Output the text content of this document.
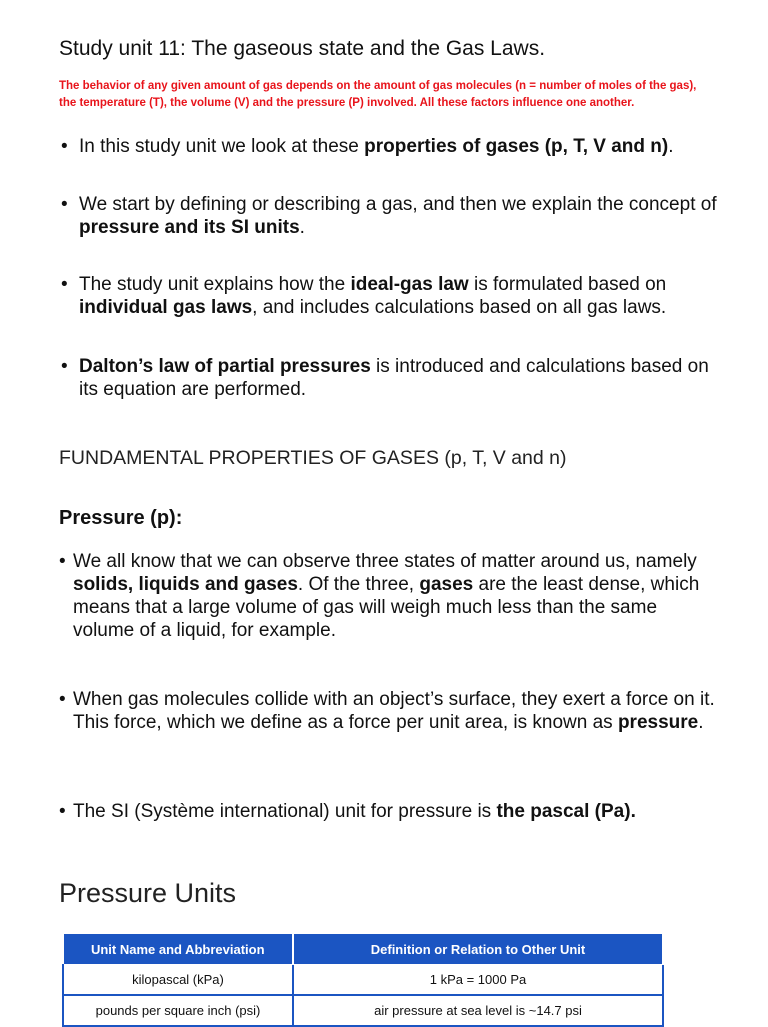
Study unit 11: The gaseous state and the Gas Laws.
The behavior of any given amount of gas depends on the amount of gas molecules (n = number of moles of the gas), the temperature (T), the volume (V) and the pressure (P) involved. All these factors influence one another.
• In this study unit we look at these properties of gases (p, T, V and n).
• We start by defining or describing a gas, and then we explain the concept of pressure and its SI units.
• The study unit explains how the ideal-gas law is formulated based on individual gas laws, and includes calculations based on all gas laws.
• Dalton’s law of partial pressures is introduced and calculations based on its equation are performed.
FUNDAMENTAL PROPERTIES OF GASES (p, T, V and n)
Pressure (p):
• We all know that we can observe three states of matter around us, namely solids, liquids and gases. Of the three, gases are the least dense, which means that a large volume of gas will weigh much less than the same volume of a liquid, for example.
• When gas molecules collide with an object’s surface, they exert a force on it. This force, which we define as a force per unit area, is known as pressure.
• The SI (Système international) unit for pressure is the pascal (Pa).
Pressure Units
Unit Name and Abbreviation	Definition or Relation to Other Unit
kilopascal (kPa)	1 kPa = 1000 Pa
pounds per square inch (psi)	air pressure at sea level is ~14.7 psi
